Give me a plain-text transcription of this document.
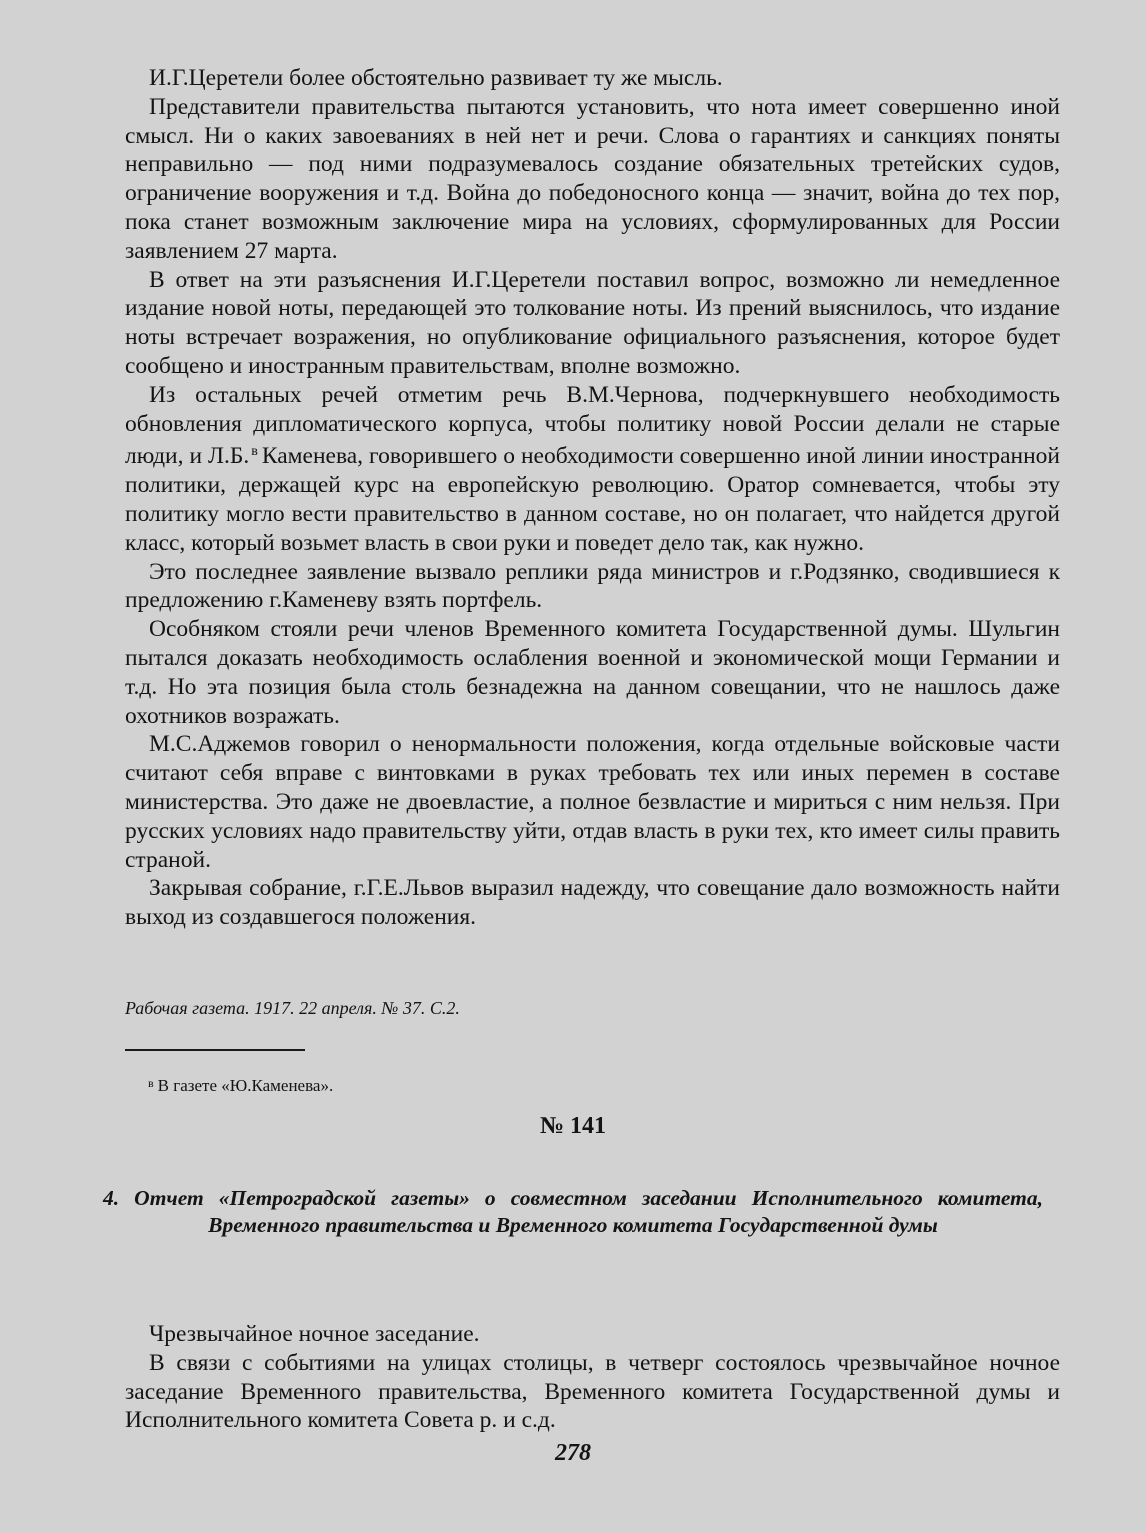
И.Г.Церетели более обстоятельно развивает ту же мысль.

Представители правительства пытаются установить, что нота имеет совершенно иной смысл. Ни о каких завоеваниях в ней нет и речи. Слова о гарантиях и санкциях поняты неправильно — под ними подразумевалось создание обязательных третейских судов, ограничение вооружения и т.д. Война до победоносного конца — значит, война до тех пор, пока станет возможным заключение мира на условиях, сформулированных для России заявлением 27 марта.

В ответ на эти разъяснения И.Г.Церетели поставил вопрос, возможно ли немедленное издание новой ноты, передающей это толкование ноты. Из прений выяснилось, что издание ноты встречает возражения, но опубликование официального разъяснения, которое будет сообщено и иностранным правительствам, вполне возможно.

Из остальных речей отметим речь В.М.Чернова, подчеркнувшего необходимость обновления дипломатического корпуса, чтобы политику новой России делали не старые люди, и Л.Б. $^в$ Каменева, говорившего о необходимости совершенно иной линии иностранной политики, держащей курс на европейскую революцию. Оратор сомневается, чтобы эту политику могло вести правительство в данном составе, но он полагает, что найдется другой класс, который возьмет власть в свои руки и поведет дело так, как нужно.

Это последнее заявление вызвало реплики ряда министров и г.Родзянко, сводившиеся к предложению г.Каменеву взять портфель.

Особняком стояли речи членов Временного комитета Государственной думы. Шульгин пытался доказать необходимость ослабления военной и экономической мощи Германии и т.д. Но эта позиция была столь безнадежна на данном совещании, что не нашлось даже охотников возражать.

М.С.Аджемов говорил о ненормальности положения, когда отдельные войсковые части считают себя вправе с винтовками в руках требовать тех или иных перемен в составе министерства. Это даже не двоевластие, а полное безвластие и мириться с ним нельзя. При русских условиях надо правительству уйти, отдав власть в руки тех, кто имеет силы править страной.

Закрывая собрание, г.Г.Е.Львов выразил надежду, что совещание дало возможность найти выход из создавшегося положения.

Рабочая газета. 1917. 22 апреля. № 37. С.2.
$^в$ В газете «Ю.Каменева».
№ 141
4. Отчет «Петроградской газеты» о совместном заседании Исполнительного комитета, Временного правительства и Временного комитета Государственной думы

Чрезвычайное ночное заседание.

В связи с событиями на улицах столицы, в четверг состоялось чрезвычайное ночное заседание Временного правительства, Временного комитета Государственной думы и Исполнительного комитета Совета р. и с.д.

278
